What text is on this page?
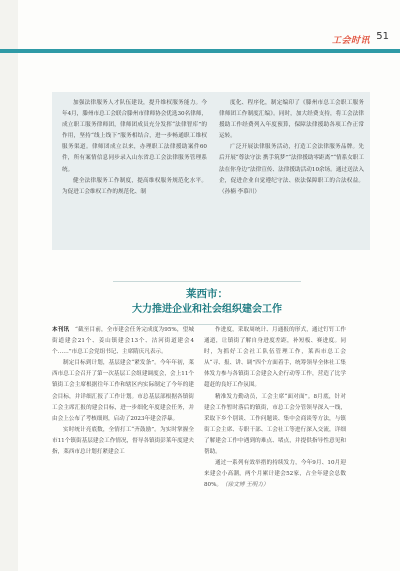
工会时讯 51

加强法律服务人才队伍建设，提升维权服务能力。今年4月，滕州市总工会联合滕州市律师协会优选30名律师，成立职工服务律师团，律师团成员充分发挥“法律智库”的作用，坚持“线上线下”服务相结合，进一步畅通职工维权服务渠道。律师团成立以来，办理职工法律援助案件60件，所有案情信息同步录入山东省总工会法律服务管理系统。

健全法律服务工作制度，提高维权服务规范化水平。为促进工会维权工作的规范化、制

度化、程序化，制定编印了《滕州市总工会职工服务律师团工作制度汇编》。同时，加大经费支持，将工会法律援助工作经费列入年度预算，保障法律援助各项工作正常运转。

广泛开展法律服务活动，打造工会法律服务品牌。先后开展“尊法守法 携手筑梦”“法律援助零距离”“情系女职工法在你身边”法律宣传、法律援助活动10余场。通过送法入企，促进企业自觉遵纪守法、依法保障职工的合法权益。（孙楠 李慕川）

莱西市：
大力推进企业和社会组织建会工作

本刊讯　 “截至目前，全市建会任务完成度为95%，望城街道建会21个、姜山镇建会13个、沽河街道建会4个……”市总工会党组书记、主席隋庆凡表示。

制定目标到计划，基层建会“紧发条”。今年年初，莱西市总工会召开了第一次基层工会组建调度会，会上11个镇街工会主席根据往年工作和辖区内实际制定了今年的建会目标，并详细汇报了工作计划。市总基层部根据各镇街工会主席汇报的建会目标，进一步细化年度建会任务，并由会上公布了考核细则，启动了2023年建会浮暴。

实时统计亮底数，全情打工“齐鼓励”。为实时掌握全市11个镇街基层建会工作情况，督导各镇街彭莱年度建夫指，莱西市总计划打紧建会工

作进度，采取周统计、月通报的形式，通过钉钉工作通道，让镇街了解自身进度差距，补短板、赛进度。同时，为抓好工会社工队伍管理工作，莱西市总工会从“寻、报、讲、调”四个方面着手，统筹领导全体社工集体发力参与各镇街工会建会入企行动等工作，营造了比学超赶的良好工作氛围。

精准发力勤动员，工会主席“面对面”。8月底，针对建会工作暂时落后的镇街，市总工会分管领导深入一线，采取下乡个别谈、工作问题谈、集中会商谈等方法，与镇街工会主席、专职干部、工会社工等进行深入交流，详细了解建会工作中遇到的难点、堵点，并提供指导性意见和帮助。

通过一系列有效举措的持续发力，今年9月、10月迎来建会小高潮，两个月累计建会52家，占全年建会总数80%。（徐文博 王明力）
